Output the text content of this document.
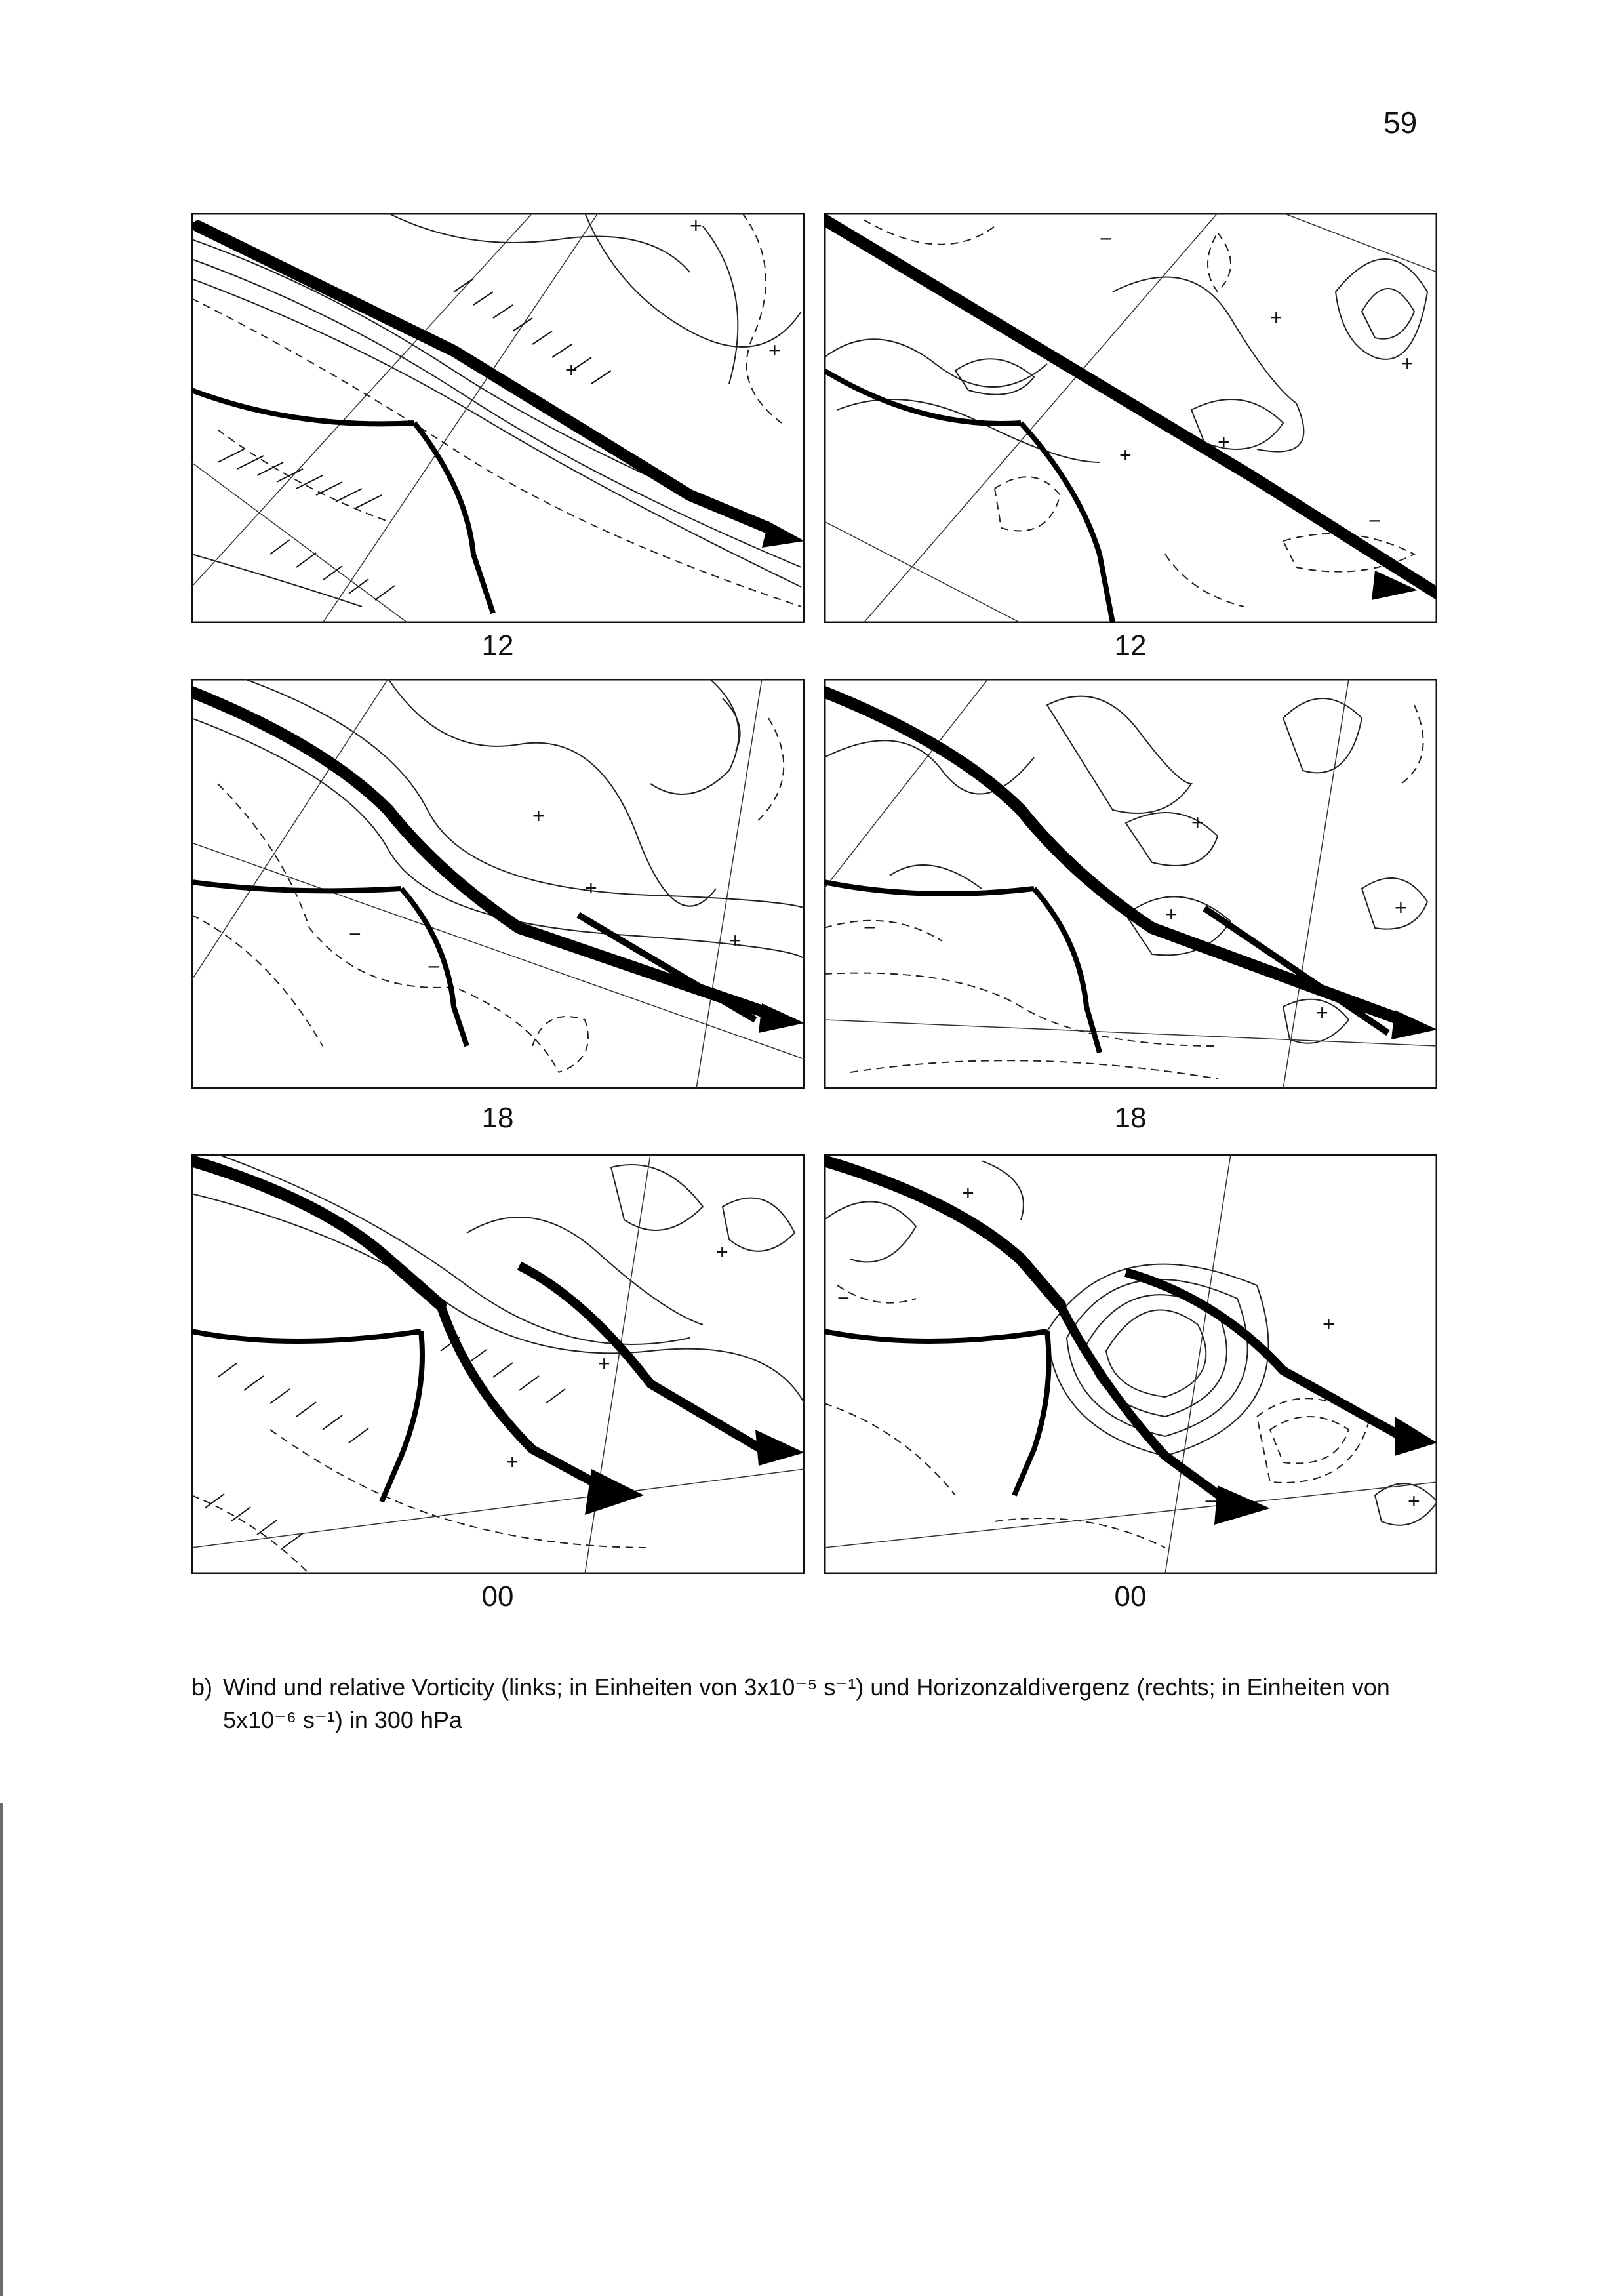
59
+
+
+
12
+
+
+
+
−
−
12
+
+
+
−
−
18
+
+	+
+
−
18
+
+
+
00
+
+
+
−
−
00
b) Wind und relative Vorticity (links; in Einheiten von 3x10⁻⁵ s⁻¹) und Horizonzaldivergenz (rechts; in Einheiten von
5x10⁻⁶ s⁻¹) in 300 hPa
